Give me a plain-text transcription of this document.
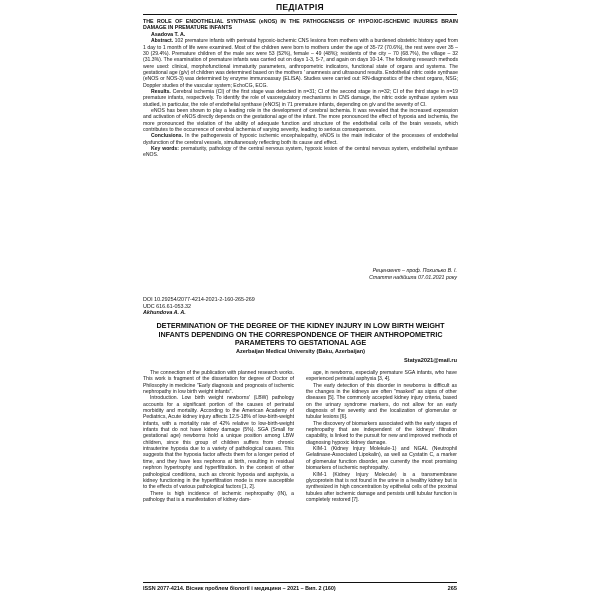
ПЕДІАТРІЯ
THE ROLE OF ENDOTHELIAL SYNTHASE (eNOS) IN THE PATHOGENESIS OF HYPOXIC-ISCHEMIC INJURIES BRAIN DAMAGE IN PREMATURE INFANTS
Asadova T. A.

Abstract. 102 premature infants with perinatal hypoxic-ischemic CNS lesions from mothers with a burdened obstetric history aged from 1 day to 1 month of life were examined. Most of the children were born to mothers under the age of 35-72 (70.6%), the rest were over 35 – 30 (29.4%). Premature children of the male sex were 53 (52%), female – 49 (48%); residents of the city – 70 (68.7%), the village – 32 (31.3%). The examination of premature infants was carried out on days 1-3, 5-7, and again on days 10-14. The following research methods were used: clinical, morphofunctional immaturity parameters, anthropometric indicators, functional state of organs and systems. The gestational age (g/v) of children was determined based on the mothers ' anamnesis and ultrasound results. Endothelial nitric oxide synthase (eNOS or NOS-3) was determined by enzyme immunoassay (ELISA). Studies were carried out: RN-diagnostics of the chest organs, NSG; Doppler studies of the vascular system; EchoCG, ECG.

Results. Cerebral ischemia (CI) of the first stage was detected in n=31; CI of the second stage in n=32; CI of the third stage in n=19 premature infants, respectively. To identify the role of vasoregulatory mechanisms in CNS damage, the nitric oxide synthase system was studied, in particular, the role of endothelial synthase (eNOS) in 71 premature infants, depending on g/v and the severity of CI.

eNOS has been shown to play a leading role in the development of cerebral ischemia. It was revealed that the increased expression and activation of eNOS directly depends on the gestational age of the infant. The more pronounced the effect of hypoxia and ischemia, the more pronounced the violation of the ability of adequate function and structure of the endothelial cells of the brain vessels, which contributes to the occurrence of cerebral ischemia of varying severity, leading to serious consequences.

Conclusions. In the pathogenesis of hypoxic ischemic encephalopathy, eNOS is the main indicator of the processes of endothelial dysfunction of the cerebral vessels, simultaneously reflecting both its cause and effect.

Key words: prematurity, pathology of the central nervous system, hypoxic lesion of the central nervous system, endothelial synthase eNOS.

Рецензент – проф. Похилько В. І.
Стаття надійшла 07.01.2021 року
DOI 10.29254/2077-4214-2021-2-160-265-269
UDC 616.61-053.32
Akhundova A. A.
DETERMINATION OF THE DEGREE OF THE KIDNEY INJURY IN LOW BIRTH WEIGHT INFANTS DEPENDING ON THE CORRESPONDENCE OF THEIR ANTHROPOMETRIC PARAMETERS TO GESTATIONAL AGE
Azerbaijan Medical University (Baku, Azerbaijan)
Statya2021@mail.ru

The connection of the publication with planned research works. This work is fragment of the dissertation for degree of Doctor of Philosophy in medicine "Early diagnosis and prognosis of ischemic nephropathy in low birth weight infants".

Introduction. Low birth weight newborns' (LBW) pathology accounts for a significant portion of the causes of perinatal morbidity and mortality. According to the American Academy of Pediatrics, Acute kidney injury affects 12.5-18% of low-birth-weight infants, with a mortality rate of 42% relative to low-birth-weight infants that do not have kidney damage (5%). SGA (Small for gestational age) newborns hold a unique position among LBW children, since this group of children suffers from chronic intrauterine hypoxia due to a variety of pathological causes. This suggests that the hypoxia factor affects them for a longer period of time, and they have less nephrons at birth, resulting in residual nephron hypertrophy and hyperfiltration. In the context of other pathological conditions, such as chronic hypoxia and asphyxia, a kidney functioning in the hyperfiltration mode is more susceptible to the effects of various pathological factors [1, 2].

There is high incidence of ischemic nephropathy (IN), a pathology that is a manifestation of kidney dam-

age, in newborns, especially premature SGA infants, who have experienced perinatal asphyxia [3, 4].

The early detection of this disorder in newborns is difficult as the changes in the kidneys are often "masked" as signs of other diseases [5]. The commonly accepted kidney injury criteria, based on the urinary syndrome markers, do not allow for an early diagnosis of the severity and the localization of glomerular or tubular lesions [6].

The discovery of biomarkers associated with the early stages of nephropathy that are independent of the kidneys' filtration capability, is linked to the pursuit for new and improved methods of diagnosing hypoxic kidney damage.

KIM-1 (Kidney Injury Molekule-1) and NGAL (Neutrophil Gelatinase-Associated Lipokalin), as well as Cystatin C, a marker of glomerular function disorder, are currently the most promising biomarkers of ischemic nephropathy.

KIM-1 (Kidney Injury Molecule) is a transmembrane glycoprotein that is not found in the urine in a healthy kidney but is synthesized in high concentration by epithelial cells of the proximal tubules after ischemic damage and persists until tubular function is completely restored [7].

ISSN 2077-4214. Вісник проблем біології і медицини – 2021 – Вип. 2 (160)	265
